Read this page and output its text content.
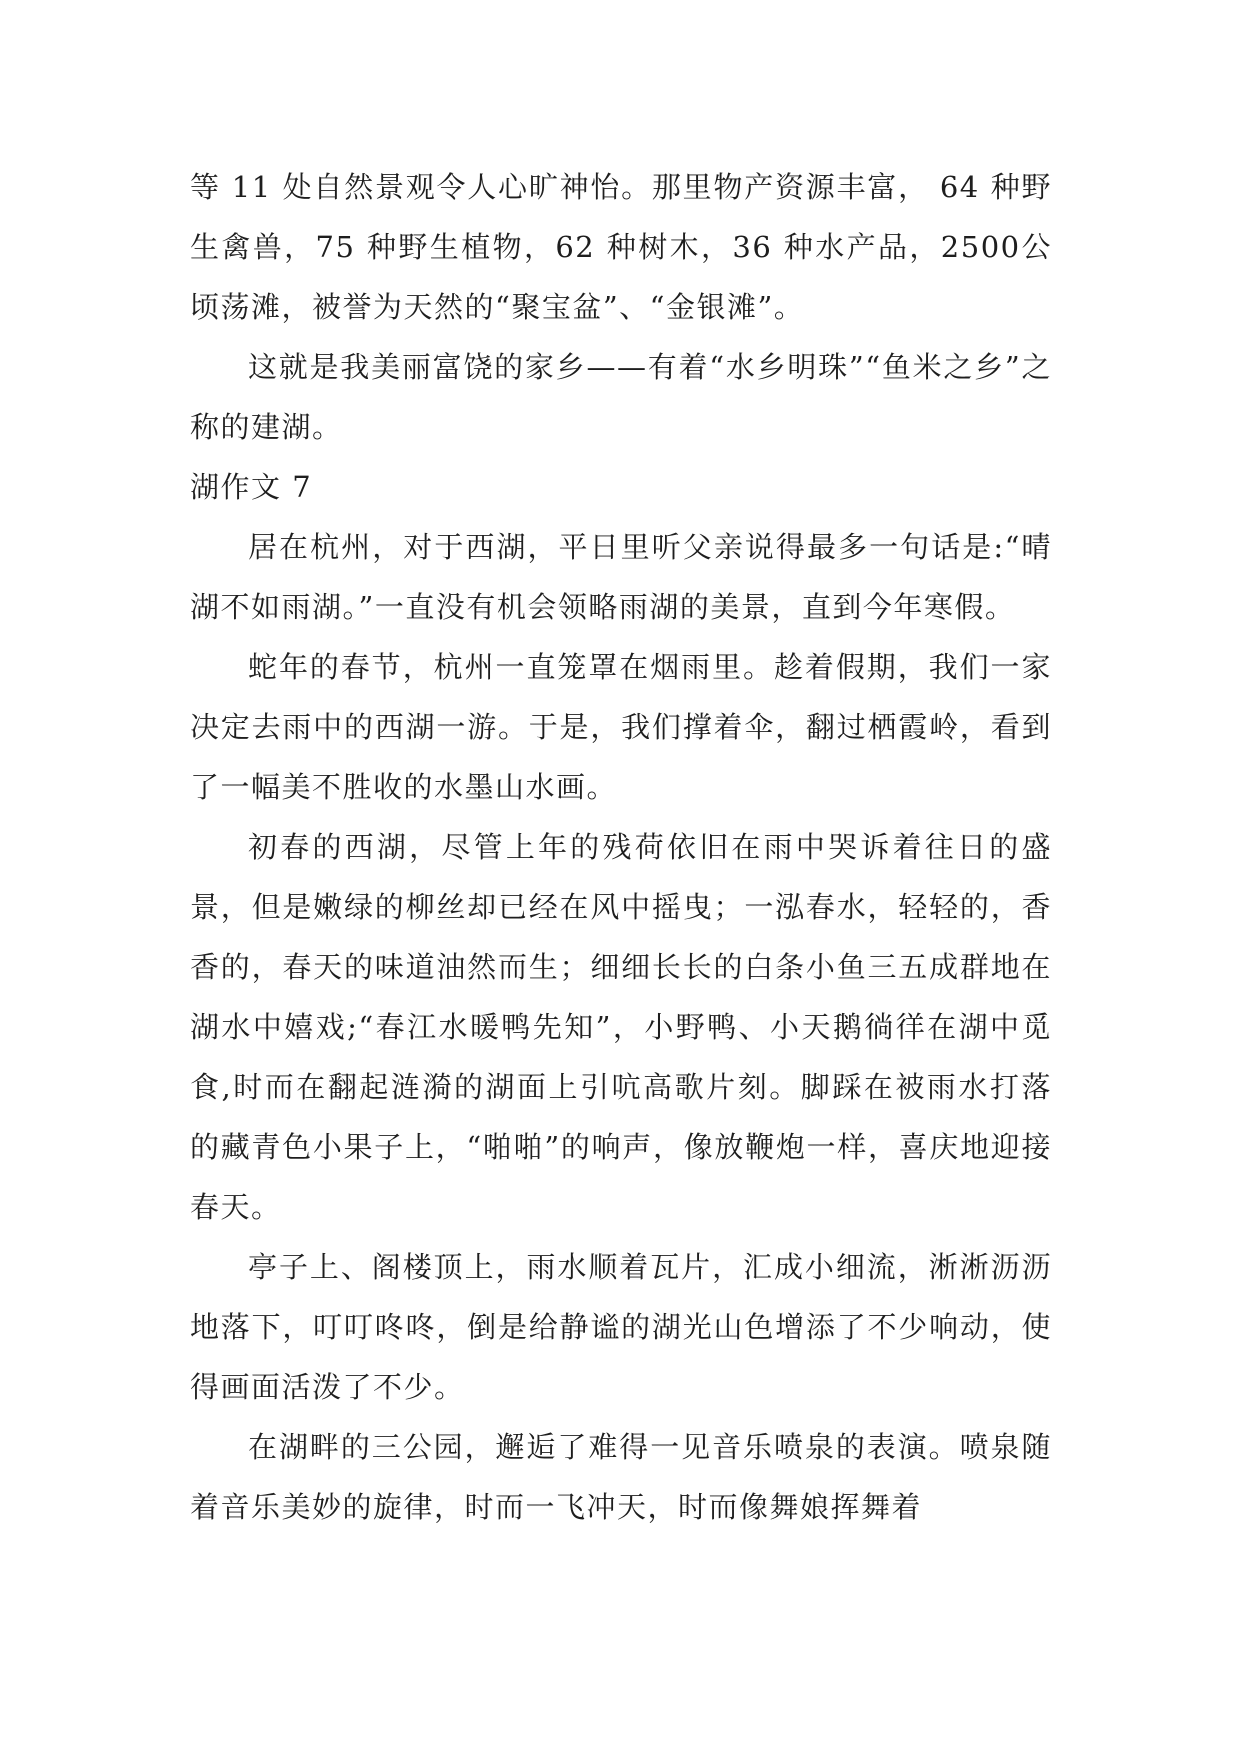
等 11 处自然景观令人心旷神怡。那里物产资源丰富， 64 种野生禽兽，75 种野生植物，62 种树木，36 种水产品，2500公顷荡滩，被誉为天然的“聚宝盆”、“金银滩”。

这就是我美丽富饶的家乡——有着“水乡明珠”“鱼米之乡”之称的建湖。

湖作文 7

居在杭州，对于西湖，平日里听父亲说得最多一句话是:“晴湖不如雨湖。”一直没有机会领略雨湖的美景，直到今年寒假。

蛇年的春节，杭州一直笼罩在烟雨里。趁着假期，我们一家决定去雨中的西湖一游。于是，我们撑着伞，翻过栖霞岭，看到了一幅美不胜收的水墨山水画。

初春的西湖，尽管上年的残荷依旧在雨中哭诉着往日的盛景，但是嫩绿的柳丝却已经在风中摇曳；一泓春水，轻轻的，香香的，春天的味道油然而生；细细长长的白条小鱼三五成群地在湖水中嬉戏;“春江水暖鸭先知”，小野鸭、小天鹅徜徉在湖中觅食,时而在翻起涟漪的湖面上引吭高歌片刻。脚踩在被雨水打落的藏青色小果子上，“啪啪”的响声，像放鞭炮一样，喜庆地迎接春天。

亭子上、阁楼顶上，雨水顺着瓦片，汇成小细流，淅淅沥沥地落下，叮叮咚咚，倒是给静谧的湖光山色增添了不少响动，使得画面活泼了不少。

在湖畔的三公园，邂逅了难得一见音乐喷泉的表演。喷泉随着音乐美妙的旋律，时而一飞冲天，时而像舞娘挥舞着
